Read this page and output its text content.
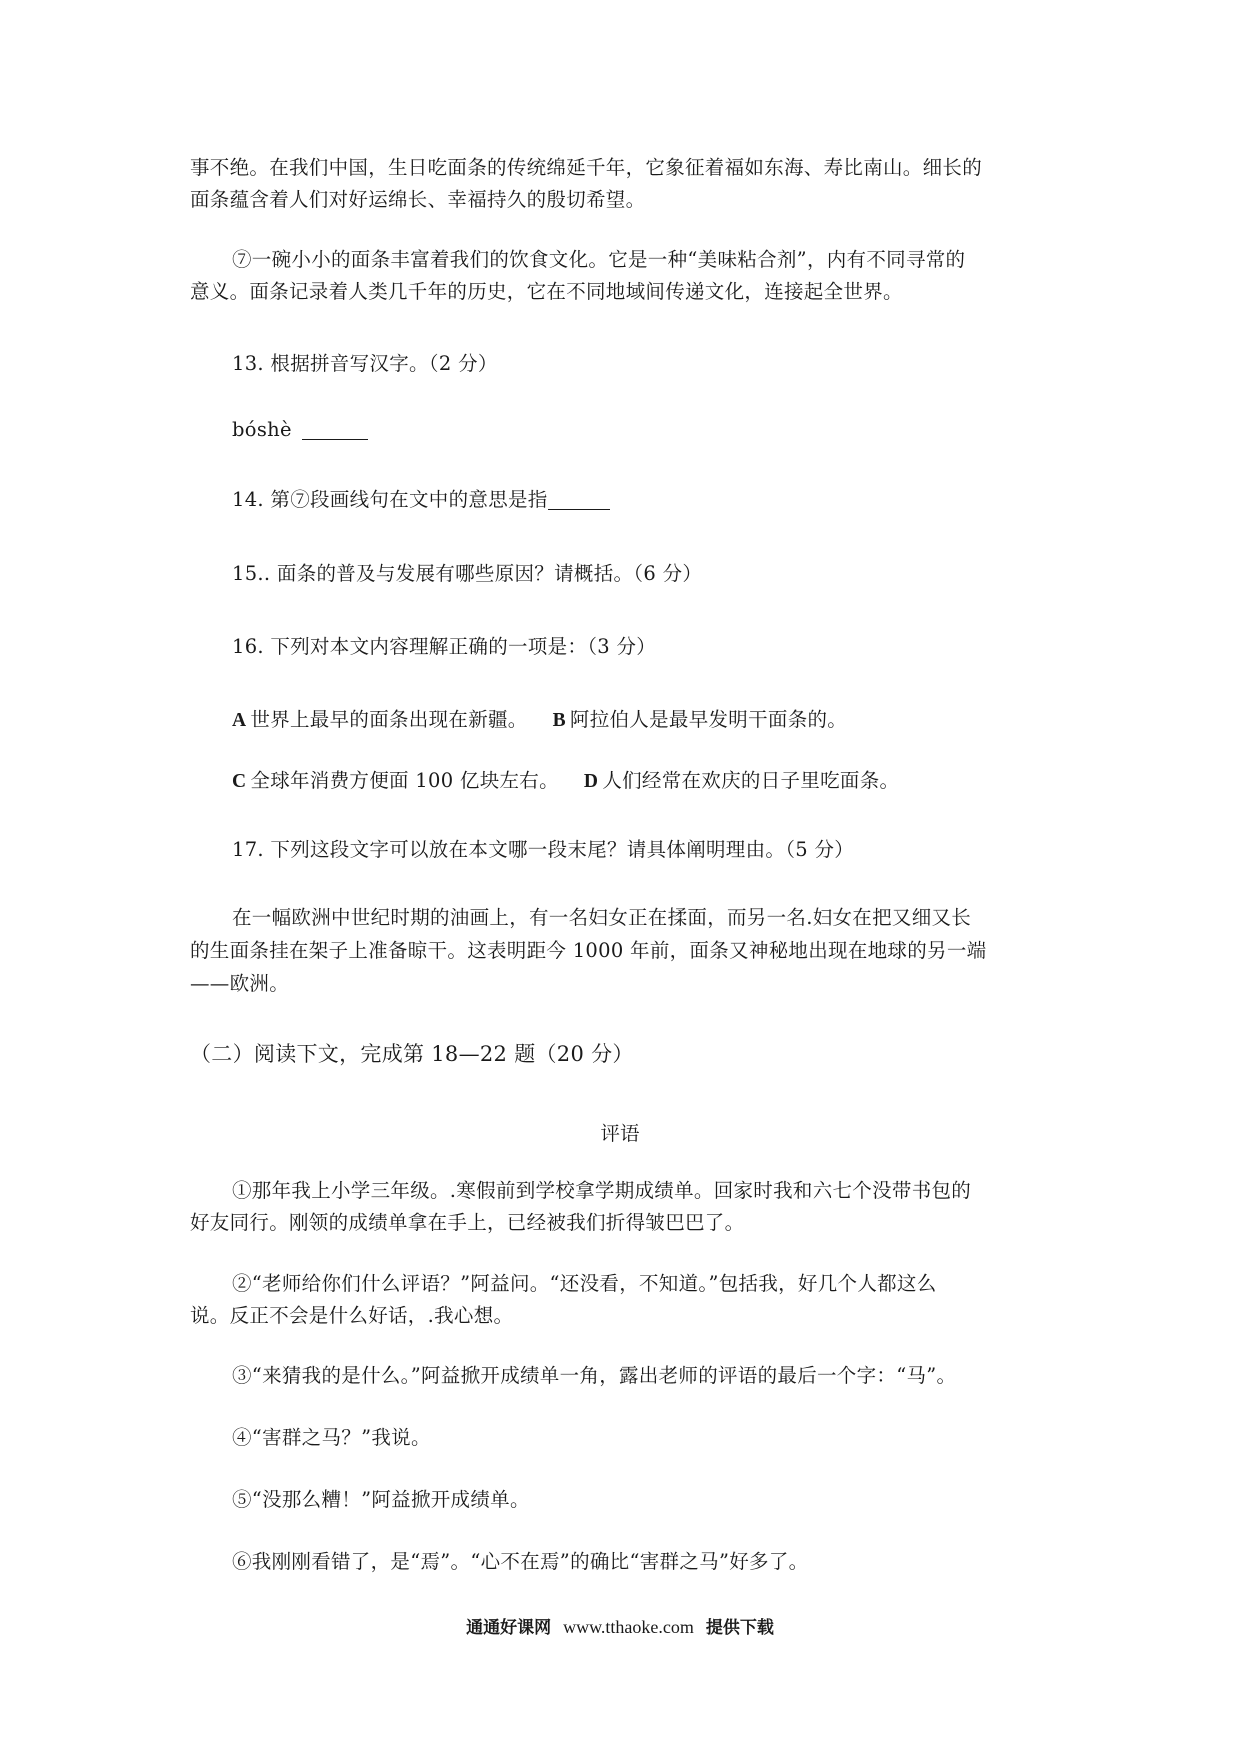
事不绝。在我们中国，生日吃面条的传统绵延千年，它象征着福如东海、寿比南山。细长的
面条蕴含着人们对好运绵长、幸福持久的殷切希望。
⑦一碗小小的面条丰富着我们的饮食文化。它是一种“美味粘合剂”，内有不同寻常的
意义。面条记录着人类几千年的历史，它在不同地域间传递文化，连接起全世界。
13. 根据拼音写汉字。（2 分）
bóshè
14. 第⑦段画线句在文中的意思是指
15.. 面条的普及与发展有哪些原因？请概括。（6 分）
16. 下列对本文内容理解正确的一项是：（3 分）
A 世界上最早的面条出现在新疆。 B 阿拉伯人是最早发明干面条的。
C 全球年消费方便面 100 亿块左右。 D 人们经常在欢庆的日子里吃面条。
17. 下列这段文字可以放在本文哪一段末尾？请具体阐明理由。（5 分）
在一幅欧洲中世纪时期的油画上，有一名妇女正在揉面，而另一名.妇女在把又细又长
的生面条挂在架子上准备晾干。这表明距今 1000 年前，面条又神秘地出现在地球的另一端
——欧洲。
（二）阅读下文，完成第 18—22 题（20 分）
评语
①那年我上小学三年级。.寒假前到学校拿学期成绩单。回家时我和六七个没带书包的
好友同行。刚领的成绩单拿在手上，已经被我们折得皱巴巴了。
②“老师给你们什么评语？”阿益问。“还没看，不知道。”包括我，好几个人都这么
说。反正不会是什么好话，.我心想。
③“来猜我的是什么。”阿益掀开成绩单一角，露出老师的评语的最后一个字：“马”。
④“害群之马？”我说。
⑤“没那么糟！”阿益掀开成绩单。
⑥我刚刚看错了，是“焉”。“心不在焉”的确比“害群之马”好多了。
通通好课网 www.tthaoke.com 提供下载
